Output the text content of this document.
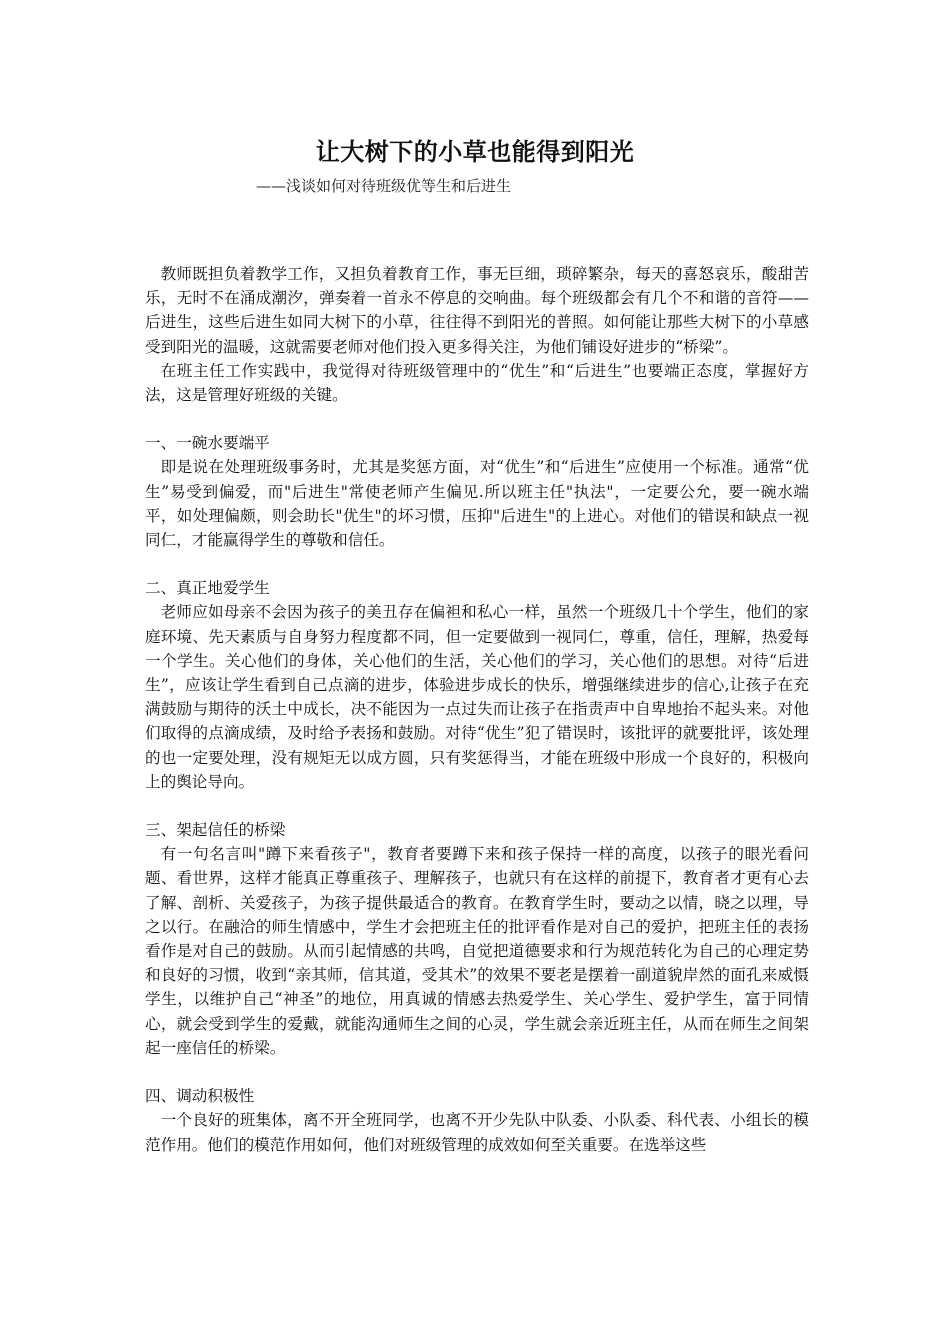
让大树下的小草也能得到阳光
——浅谈如何对待班级优等生和后进生

教师既担负着教学工作，又担负着教育工作，事无巨细，琐碎繁杂，每天的喜怒哀乐，酸甜苦乐，无时不在涌成潮汐，弹奏着一首永不停息的交响曲。每个班级都会有几个不和谐的音符——后进生，这些后进生如同大树下的小草，往往得不到阳光的普照。如何能让那些大树下的小草感受到阳光的温暖，这就需要老师对他们投入更多得关注，为他们铺设好进步的“桥梁”。

在班主任工作实践中，我觉得对待班级管理中的“优生”和“后进生”也要端正态度，掌握好方法，这是管理好班级的关键。

一、一碗水要端平

即是说在处理班级事务时，尤其是奖惩方面，对“优生”和“后进生”应使用一个标准。通常“优生”易受到偏爱，而"后进生"常使老师产生偏见.所以班主任"执法"，一定要公允，要一碗水端平，如处理偏颇，则会助长"优生"的坏习惯，压抑"后进生"的上进心。对他们的错误和缺点一视同仁，才能赢得学生的尊敬和信任。

二、真正地爱学生

老师应如母亲不会因为孩子的美丑存在偏袒和私心一样，虽然一个班级几十个学生，他们的家庭环境、先天素质与自身努力程度都不同，但一定要做到一视同仁，尊重，信任，理解，热爱每一个学生。关心他们的身体，关心他们的生活，关心他们的学习，关心他们的思想。对待“后进生”，应该让学生看到自己点滴的进步，体验进步成长的快乐，增强继续进步的信心,让孩子在充满鼓励与期待的沃土中成长，决不能因为一点过失而让孩子在指责声中自卑地抬不起头来。对他们取得的点滴成绩，及时给予表扬和鼓励。对待“优生”犯了错误时，该批评的就要批评，该处理的也一定要处理，没有规矩无以成方圆，只有奖惩得当，才能在班级中形成一个良好的，积极向上的舆论导向。

三、架起信任的桥梁

有一句名言叫"蹲下来看孩子"，教育者要蹲下来和孩子保持一样的高度，以孩子的眼光看问题、看世界，这样才能真正尊重孩子、理解孩子，也就只有在这样的前提下，教育者才更有心去了解、剖析、关爱孩子，为孩子提供最适合的教育。在教育学生时，要动之以情，晓之以理，导之以行。在融洽的师生情感中，学生才会把班主任的批评看作是对自己的爱护，把班主任的表扬看作是对自己的鼓励。从而引起情感的共鸣，自觉把道德要求和行为规范转化为自己的心理定势和良好的习惯，收到“亲其师，信其道，受其术”的效果不要老是摆着一副道貌岸然的面孔来威慑学生，以维护自己“神圣”的地位，用真诚的情感去热爱学生、关心学生、爱护学生，富于同情心，就会受到学生的爱戴，就能沟通师生之间的心灵，学生就会亲近班主任，从而在师生之间架起一座信任的桥梁。

四、调动积极性

一个良好的班集体，离不开全班同学，也离不开少先队中队委、小队委、科代表、小组长的模范作用。他们的模范作用如何，他们对班级管理的成效如何至关重要。在选举这些
